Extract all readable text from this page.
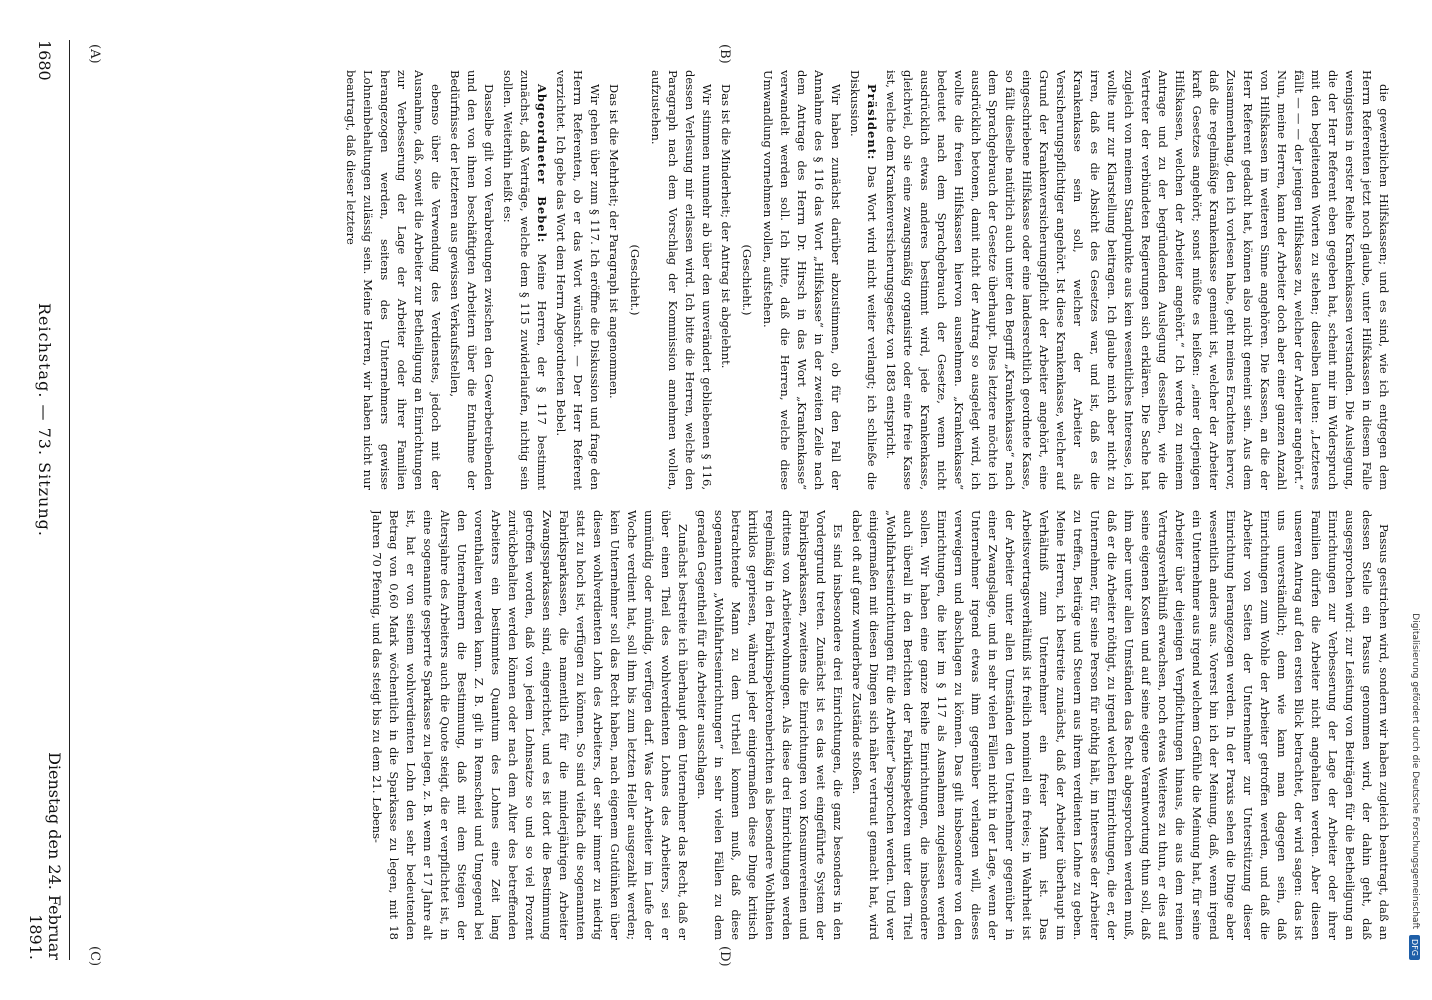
Digitalisierung gefördert durch die Deutsche Forschungsgemeinschaft
DFG

die gewerblichen Hilfskassen; und es sind, wie ich entgegen dem Herrn Referenten jetzt noch glaube, unter Hilfskassen in diesem Falle wenigstens in erster Reihe Krankenkassen verstanden. Die Auslegung, die der Herr Referent eben gegeben hat, scheint mir im Widerspruch mit den begleitenden Worten zu stehen; dieselben lauten: „Letzteres fällt — — — der jenigen Hilfskasse zu, welcher der Arbeiter angehört.“ Nun, meine Herren, kann der Arbeiter doch aber einer ganzen Anzahl von Hilfskassen im weiteren Sinne angehören. Die Kassen, an die der Herr Referent gedacht hat, können also nicht gemeint sein. Aus dem Zusammenhang, den ich vorlesen habe, geht meines Erachtens hervor, daß die regelmäßige Krankenkasse gemeint ist, welcher der Arbeiter kraft Gesetzes angehört; sonst müßte es heißen: „einer derjenigen Hilfskassen, welchen der Arbeiter angehört.“ Ich werde zu meinem Antrage und zu der begründenden Auslegung desselben, wie die Vertreter der verbündeten Regierungen sich erklären. Die Sache hat zugleich von meinem Standpunkte aus kein wesentliches Interesse, ich wollte nur zur Klarstellung beitragen. Ich glaube mich aber nicht zu irren, daß es die Absicht des Gesetzes war, und ist, daß es die Krankenkasse sein soll, welcher der Arbeiter als Versicherungspflichtiger angehört. Ist diese Krankenkasse, welcher auf Grund der Krankenversicherungspflicht der Arbeiter angehört, eine eingeschriebene Hilfskasse oder eine landesrechtlich geordnete Kasse, so fällt dieselbe natürlich auch unter den Begriff „Krankenkasse“ nach dem Sprachgebrauch der Gesetze überhaupt. Dies letztere möchte ich ausdrücklich betonen, damit nicht der Antrag so ausgelegt wird, ich wollte die freien Hilfskassen hiervon ausnehmen. „Krankenkasse“ bedeutet nach dem Sprachgebrauch der Gesetze, wenn nicht ausdrücklich etwas anderes bestimmt wird, jede Krankenkasse, gleichviel, ob sie eine zwangsmäßig organisirte oder eine freie Kasse ist, welche dem Krankenversicherungsgesetz von 1883 entspricht.

Präsident: Das Wort wird nicht weiter verlangt; ich schließe die Diskussion.

Wir haben zunächst darüber abzustimmen, ob für den Fall der Annahme des § 116 das Wort „Hilfskasse“ in der zweiten Zeile nach dem Antrage des Herrn Dr. Hirsch in das Wort „Krankenkasse“ verwandelt werden soll. Ich bitte, daß die Herren, welche diese Umwandlung vornehmen wollen, aufstehen.

(Geschieht.)

Das ist die Minderheit; der Antrag ist abgelehnt.

Wir stimmen nunmehr ab über den unverändert gebliebenen § 116, dessen Verlesung mir erlassen wird. Ich bitte die Herren, welche den Paragraph nach dem Vorschlag der Kommission annehmen wollen, aufzustehen.

(Geschieht.)

Das ist die Mehrheit; der Paragraph ist angenommen.

Wir gehen über zum § 117. Ich eröffne die Diskussion und frage den Herrn Referenten, ob er das Wort wünscht. — Der Herr Referent verzichtet. Ich gebe das Wort dem Herrn Abgeordneten Bebel.

Abgeordneter Bebel: Meine Herren, der § 117 bestimmt zunächst, daß Verträge, welche dem § 115 zuwiderlaufen, nichtig sein sollen. Weiterhin heißt es:

Dasselbe gilt von Verabredungen zwischen den Gewerbetreibenden und den von ihnen beschäftigten Arbeitern über die Entnahme der Bedürfnisse der letzteren aus gewissen Verkaufsstellen,

ebenso über die Verwendung des Verdienstes, jedoch mit der Ausnahme, daß, soweit die Arbeiter zur Betheiligung an Einrichtungen zur Verbesserung der Lage der Arbeiter oder ihrer Familien herangezogen werden, seitens des Unternehmers gewisse Lohneinbehaltungen zulässig sein. Meine Herren, wir haben nicht nur beantragt, daß dieser letztere

Passus gestrichen wird, sondern wir haben zugleich beantragt, daß an dessen Stelle ein Passus genommen wird, der dahin geht, daß ausgesprochen wird: zur Leistung von Beiträgen für die Betheiligung an Einrichtungen zur Verbesserung der Lage der Arbeiter oder ihrer Familien dürfen die Arbeiter nicht angehalten werden. Aber diesen unseren Antrag auf den ersten Blick betrachtet, der wird sagen: das ist uns unverständlich; denn wie kann man dagegen sein, daß Einrichtungen zum Wohle der Arbeiter getroffen werden, und daß die Arbeiter von Seiten der Unternehmer zur Unterstützung dieser Einrichtung herangezogen werden. In der Praxis sehen die Dinge aber wesentlich anders aus. Vorerst bin ich der Meinung, daß, wenn irgend ein Unternehmer aus irgend welchem Gefühle die Meinung hat, für seine Arbeiter über diejenigen Verpflichtungen hinaus, die aus dem reinen Vertragsverhältniß erwachsen, noch etwas Weiteres zu thun, er dies auf seine eigenen Kosten und auf seine eigene Verantwortung thun soll, daß ihm aber unter allen Umständen das Recht abgesprochen werden muß, daß er die Arbeiter nöthigt, zu irgend welchen Einrichtungen, die er, der Unternehmer, für seine Person für nöthig hält, im Interesse der Arbeiter zu treffen, Beiträge und Steuern aus ihrem verdienten Lohne zu geben. Meine Herren, ich bestreite zunächst, daß der Arbeiter überhaupt im Verhältniß zum Unternehmer ein freier Mann ist. Das Arbeitsvertragsverhältniß ist freilich nominell ein freies; in Wahrheit ist der Arbeiter unter allen Umständen den Unternehmer gegenüber in einer Zwangslage, und in sehr vielen Fällen nicht in der Lage, wenn der Unternehmer irgend etwas ihm gegenüber verlangen will, dieses verweigern und abschlagen zu können. Das gilt insbesondere von den Einrichtungen, die hier im § 117 als Ausnahmen zugelassen werden sollen. Wir haben eine ganze Reihe Einrichtungen, die insbesondere auch überall in den Berichten der Fabrikinspektoren unter dem Titel „Wohlfahrtseinrichtungen für die Arbeiter“ besprochen werden. Und wer einigermaßen mit diesen Dingen sich näher vertraut gemacht hat, wird dabei oft auf ganz wunderbare Zustände stoßen.

Es sind insbesondere drei Einrichtungen, die ganz besonders in den Vordergrund treten. Zunächst ist es das weit eingeführte System der Fabriksparkassen, zweitens die Einrichtungen von Konsumvereinen und drittens von Arbeiterwohnungen. Als diese drei Einrichtungen werden regelmäßig in den Fabrikinspektorenberichten als besondere Wohlthaten kritiklos gepriesen, während jeder einigermaßen diese Dinge kritisch betrachtende Mann zu dem Urtheil kommen muß, daß diese sogenannten „Wohlfahrtseinrichtungen“ in sehr vielen Fällen zu dem geraden Gegentheil für die Arbeiter ausschlagen.

Zunächst bestreite ich überhaupt dem Unternehmer das Recht, daß er über einen Theil des wohlverdienten Lohnes des Arbeiters, sei er unmündig oder mündig, verfügen darf. Was der Arbeiter im Laufe der Woche verdient hat, soll ihm bis zum letzten Heller ausgezahlt werden; kein Unternehmer soll das Recht haben, nach eigenem Gutdünken über diesen wohlverdienten Lohn des Arbeiters, der sehr immer zu niedrig statt zu hoch ist, verfügen zu können. So sind vielfach die sogenannten Fabriksparkassen, die namentlich für die minderjährigen Arbeiter Zwangssparkassen sind, eingerichtet, und es ist dort die Bestimmung getroffen worden, daß von jedem Lohnsatze so und so viel Prozent zurückbehalten werden können oder nach dem Alter des betreffenden Arbeiters ein bestimmtes Quantum des Lohnes eine Zeit lang vorenthalten werden kann. Z. B. gilt in Remscheid und Umgegend bei den Unternehmern die Bestimmung, daß mit dem Steigen der Altersjahre des Arbeiters auch die Quote steigt, die er verpflichtet ist, in eine sogenannte gesperrte Sparkasse zu legen, z. B. wenn er 17 Jahre alt ist, hat er von seinem wohlverdienten Lohn den sehr bedeutenden Betrag von 0,60 Mark wöchentlich in die Sparkasse zu legen, mit 18 Jahren 70 Pfennig, und das steigt bis zu dem 21. Lebens-

(A)	(B)
(C)	(D)
1680
Reichstag. — 73. Sitzung.
Dienstag den 24. Februar 1891.
